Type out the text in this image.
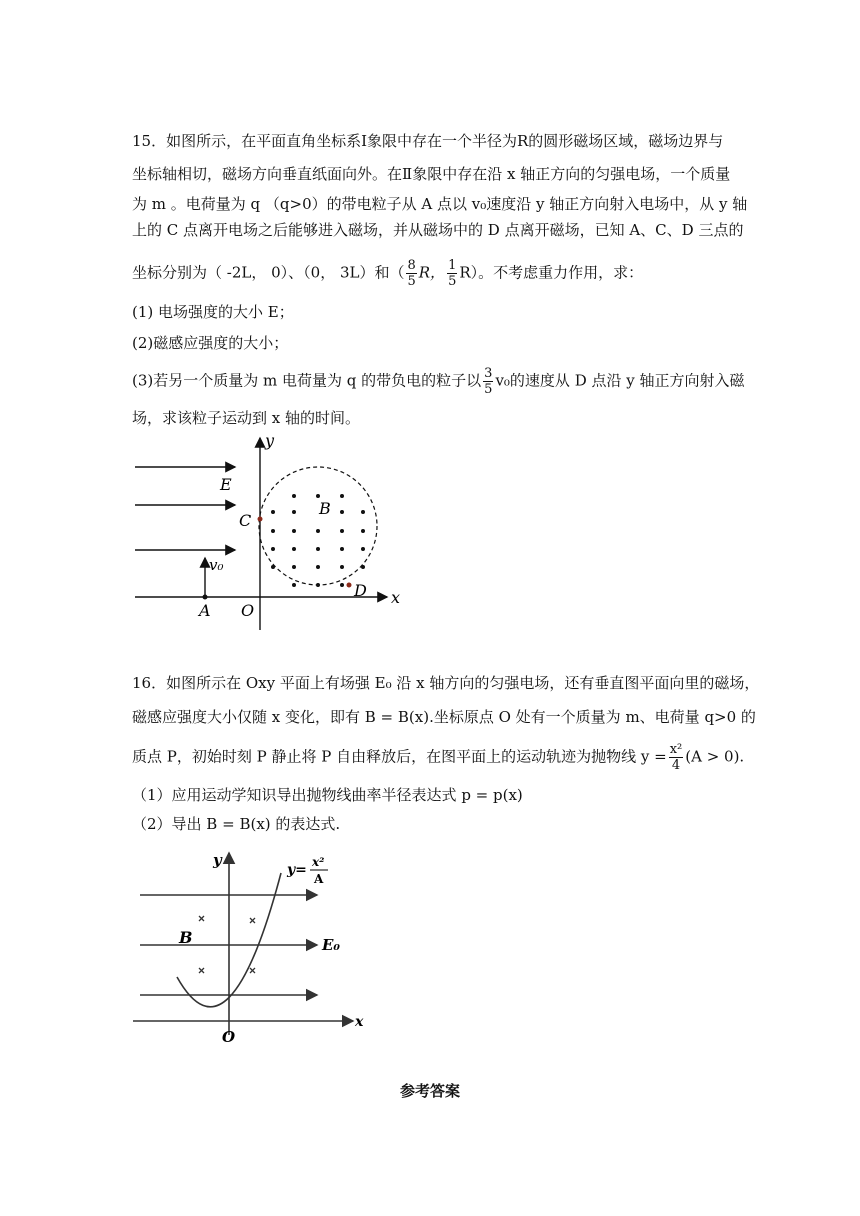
15．如图所示，在平面直角坐标系Ⅰ象限中存在一个半径为R的圆形磁场区域，磁场边界与
坐标轴相切，磁场方向垂直纸面向外。在Ⅱ象限中存在沿 x 轴正方向的匀强电场，一个质量
为 m 。电荷量为 q （q>0）的带电粒子从 A 点以 v₀速度沿 y 轴正方向射入电场中，从 y 轴
上的 C 点离开电场之后能够进入磁场，并从磁场中的 D 点离开磁场，已知 A、C、D 三点的
坐标分别为（ -2L， 0）、（0， 3L）和（ $\frac{8}{5}$ R， $\frac{1}{5} R$）。不考虑重力作用，求：
(1) 电场强度的大小 E；
(2)磁感应强度的大小；
(3)若另一个质量为 m 电荷量为 q 的带负电的粒子以 $\frac{3}{5} v_0$的速度从 D 点沿 y 轴正方向射入磁
场，求该粒子运动到 x 轴的时间。
y
x
E
C
B
v₀
A O
D
16．如图所示在 Oxy 平面上有场强 E₀ 沿 x 轴方向的匀强电场，还有垂直图平面向里的磁场，
磁感应强度大小仅随 x 变化，即有 B = B(x).坐标原点 O 处有一个质量为 m、电荷量 q>0 的
质点 P，初始时刻 P 静止将 P 自由释放后，在图平面上的运动轨迹为抛物线 $y = \frac{\text{x²}}{4} (A > 0)$.
（1）应用运动学知识导出抛物线曲率半径表达式 p = p(x)
（2）导出 B = B(x) 的表达式.
y
x
B	E₀
O
y= x²
A
参考答案
